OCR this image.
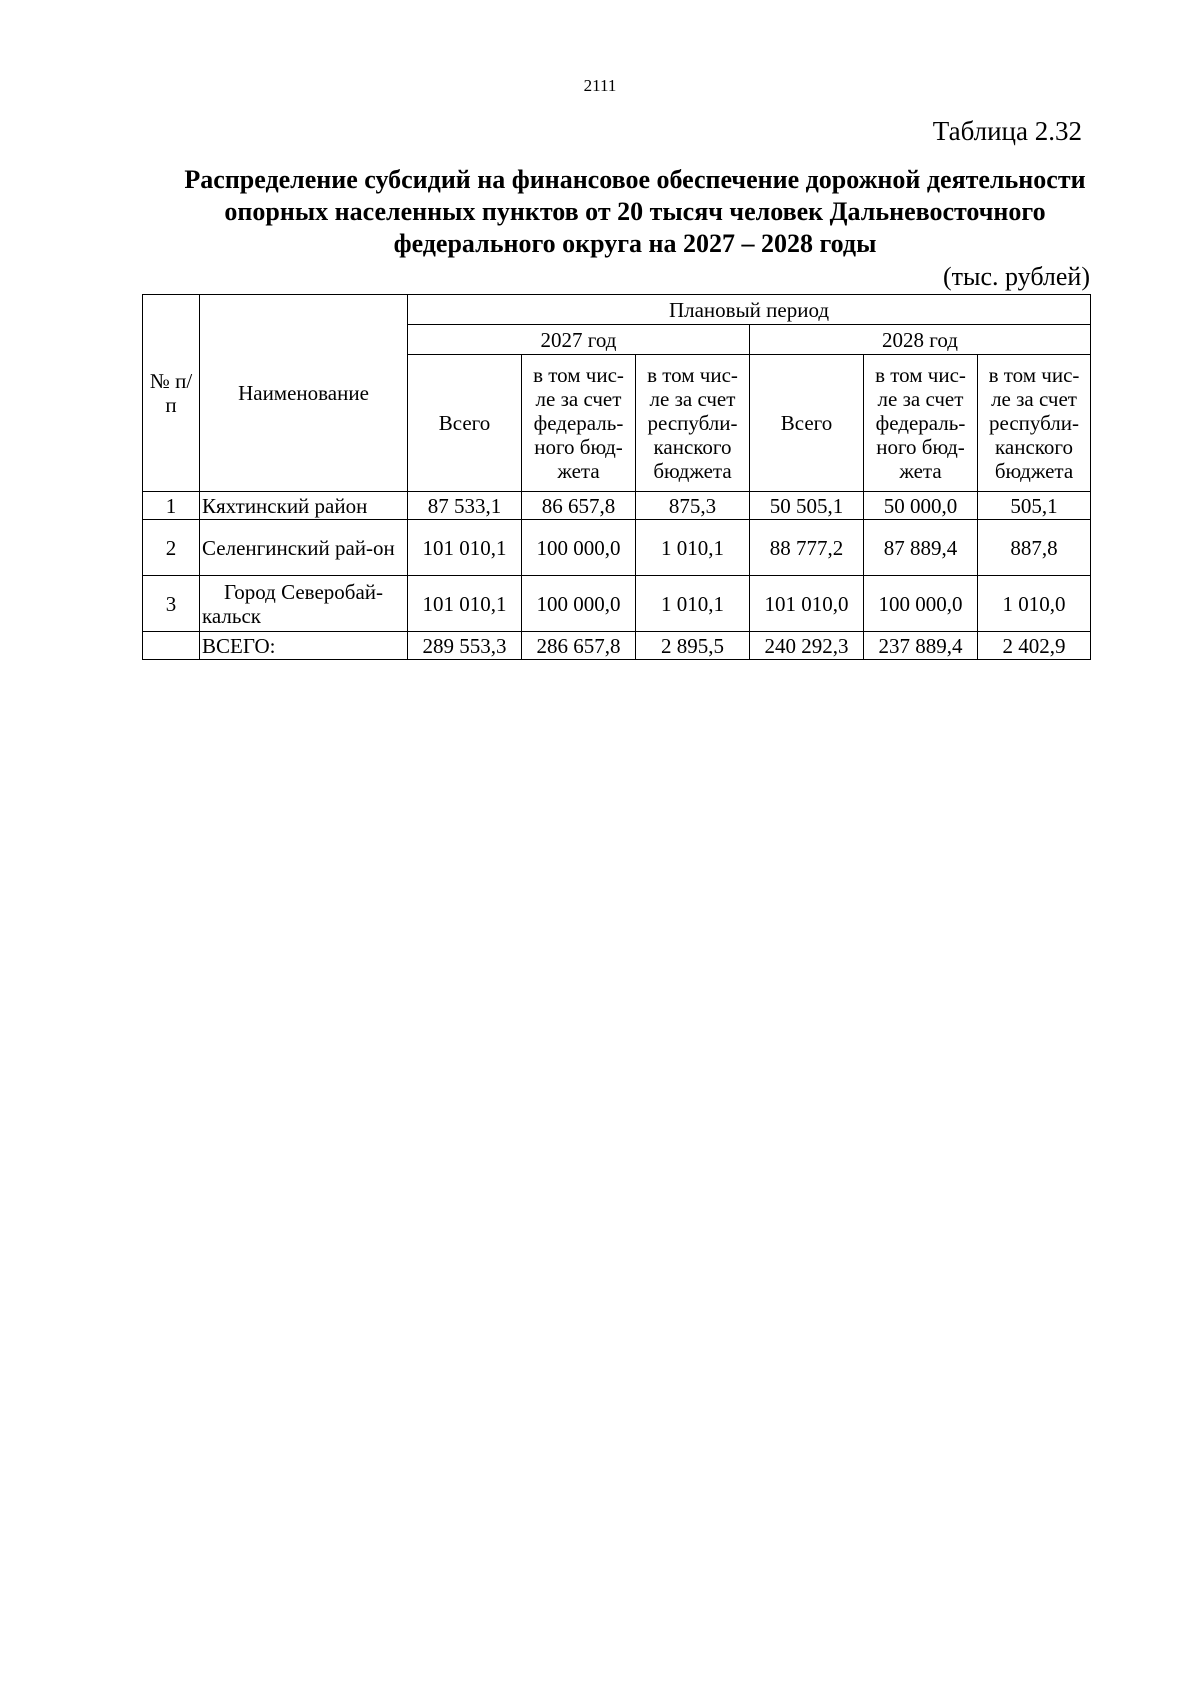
2111
Таблица 2.32
Распределение субсидий на финансовое обеспечение дорожной деятельности опорных населенных пунктов от 20 тысяч человек Дальневосточного федерального округа на 2027 – 2028 годы
(тыс. рублей)
№ п/п	Наименование	Плановый период					
		2027 год			2028 год		
		Всего	в том чис-
ле за счет
федераль-
ного бюд-
жета	в том чис-
ле за счет
республи-
канского
бюджета	Всего	в том чис-
ле за счет
федераль-
ного бюд-
жета	в том чис-
ле за счет
республи-
канского
бюджета

1	Кяхтинский район	87 533,1	86 657,8	875,3	50 505,1	50 000,0	505,1
2	Селенгинский рай-он	101 010,1	100 000,0	1 010,1	88 777,2	87 889,4	887,8
3	Город Северобай-кальск	101 010,1	100 000,0	1 010,1	101 010,0	100 000,0	1 010,0
	ВСЕГО:	289 553,3	286 657,8	2 895,5	240 292,3	237 889,4	2 402,9
